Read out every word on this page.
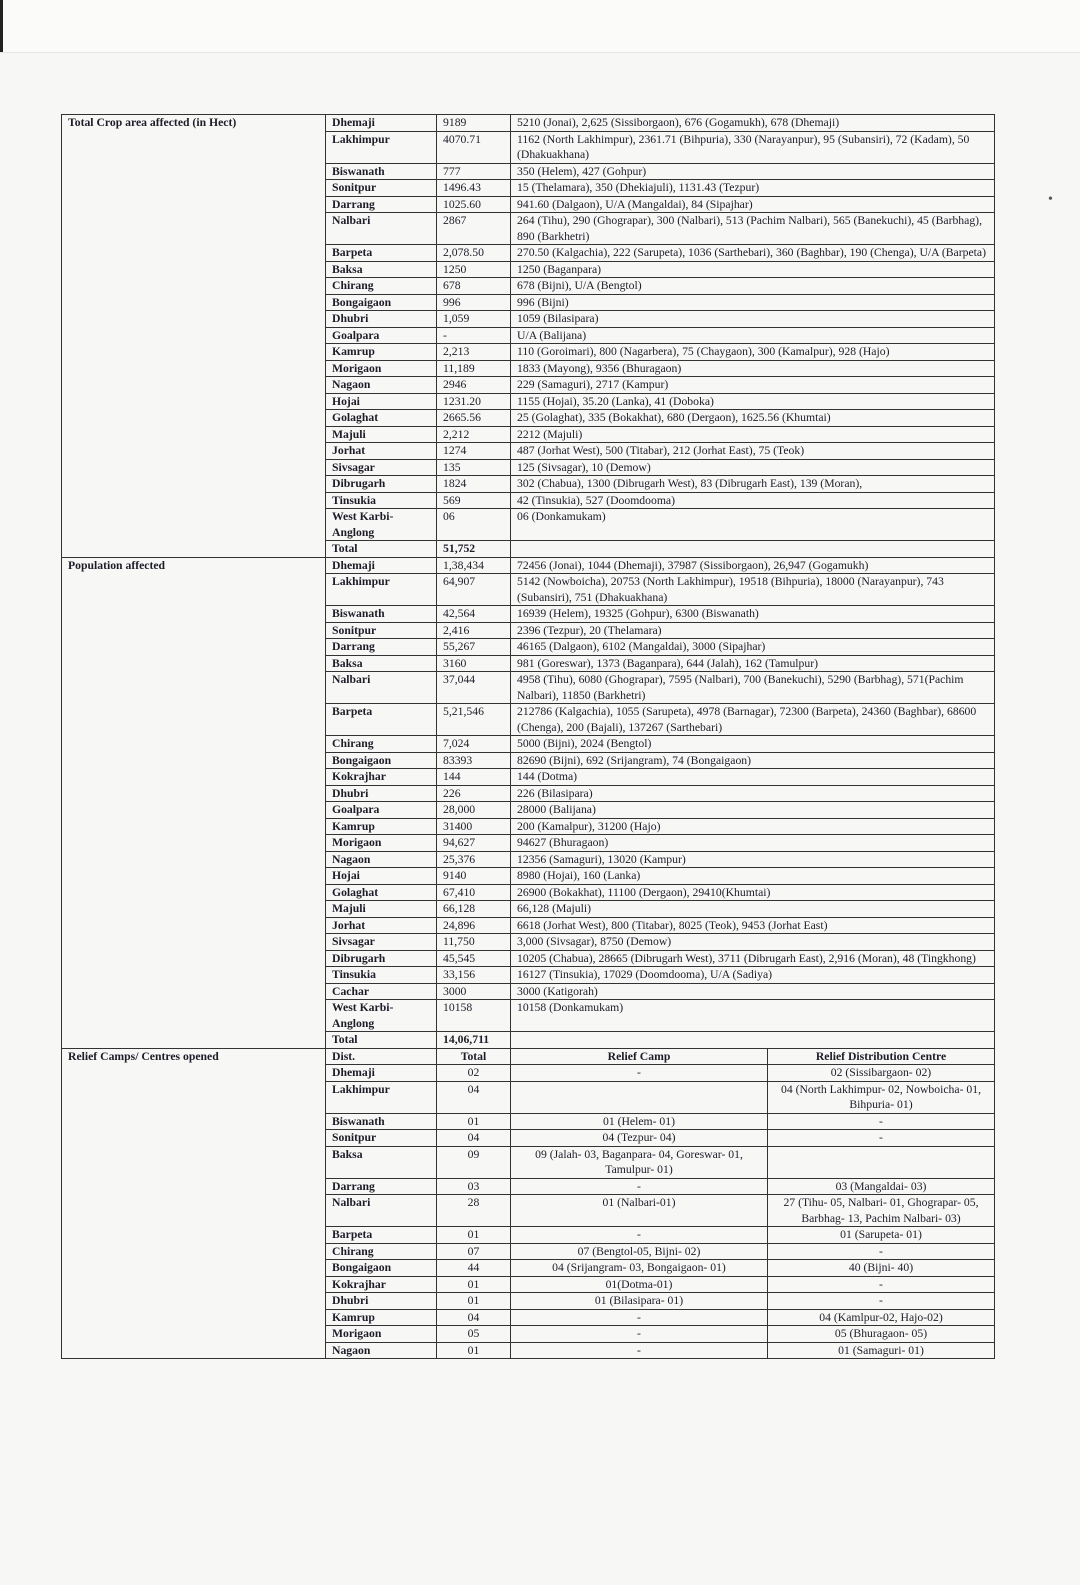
•
Total Crop area affected (in Hect)	Dhemaji	9189	5210 (Jonai), 2,625 (Sissiborgaon), 676 (Gogamukh), 678 (Dhemaji)	
	Lakhimpur	4070.71	1162 (North Lakhimpur), 2361.71 (Bihpuria), 330 (Narayanpur), 95 (Subansiri), 72 (Kadam), 50 (Dhakuakhana)	
	Biswanath	777	350 (Helem), 427 (Gohpur)	
	Sonitpur	1496.43	15 (Thelamara), 350 (Dhekiajuli), 1131.43 (Tezpur)	
	Darrang	1025.60	941.60 (Dalgaon), U/A (Mangaldai), 84 (Sipajhar)	
	Nalbari	2867	264 (Tihu), 290 (Ghograpar), 300 (Nalbari), 513 (Pachim Nalbari), 565 (Banekuchi), 45 (Barbhag), 890 (Barkhetri)	
	Barpeta	2,078.50	270.50 (Kalgachia), 222 (Sarupeta), 1036 (Sarthebari), 360 (Baghbar), 190 (Chenga), U/A (Barpeta)	
	Baksa	1250	1250 (Baganpara)	
	Chirang	678	678 (Bijni), U/A (Bengtol)	
	Bongaigaon	996	996 (Bijni)	
	Dhubri	1,059	1059 (Bilasipara)	
	Goalpara	-	U/A (Balijana)	
	Kamrup	2,213	110 (Goroimari), 800 (Nagarbera), 75 (Chaygaon), 300 (Kamalpur), 928 (Hajo)	
	Morigaon	11,189	1833 (Mayong), 9356 (Bhuragaon)	
	Nagaon	2946	229 (Samaguri), 2717 (Kampur)	
	Hojai	1231.20	1155 (Hojai), 35.20 (Lanka), 41 (Doboka)	
	Golaghat	2665.56	25 (Golaghat), 335 (Bokakhat), 680 (Dergaon), 1625.56 (Khumtai)	
	Majuli	2,212	2212 (Majuli)	
	Jorhat	1274	487 (Jorhat West), 500 (Titabar), 212 (Jorhat East), 75 (Teok)	
	Sivsagar	135	125 (Sivsagar), 10 (Demow)	
	Dibrugarh	1824	302 (Chabua), 1300 (Dibrugarh West), 83 (Dibrugarh East), 139 (Moran),	
	Tinsukia	569	42 (Tinsukia), 527 (Doomdooma)	
	West Karbi-Anglong	06	06 (Donkamukam)	
	Total	51,752		
Population affected	Dhemaji	1,38,434	72456 (Jonai), 1044 (Dhemaji), 37987 (Sissiborgaon), 26,947 (Gogamukh)	
	Lakhimpur	64,907	5142 (Nowboicha), 20753 (North Lakhimpur), 19518 (Bihpuria), 18000 (Narayanpur), 743 (Subansiri), 751 (Dhakuakhana)	
	Biswanath	42,564	16939 (Helem), 19325 (Gohpur), 6300 (Biswanath)	
	Sonitpur	2,416	2396 (Tezpur), 20 (Thelamara)	
	Darrang	55,267	46165 (Dalgaon), 6102 (Mangaldai), 3000 (Sipajhar)	
	Baksa	3160	981 (Goreswar), 1373 (Baganpara), 644 (Jalah), 162 (Tamulpur)	
	Nalbari	37,044	4958 (Tihu), 6080 (Ghograpar), 7595 (Nalbari), 700 (Banekuchi), 5290 (Barbhag), 571(Pachim Nalbari), 11850 (Barkhetri)	
	Barpeta	5,21,546	212786 (Kalgachia), 1055 (Sarupeta), 4978 (Barnagar), 72300 (Barpeta), 24360 (Baghbar), 68600 (Chenga), 200 (Bajali), 137267 (Sarthebari)	
	Chirang	7,024	5000 (Bijni), 2024 (Bengtol)	
	Bongaigaon	83393	82690 (Bijni), 692 (Srijangram), 74 (Bongaigaon)	
	Kokrajhar	144	144 (Dotma)	
	Dhubri	226	226 (Bilasipara)	
	Goalpara	28,000	28000 (Balijana)	
	Kamrup	31400	200 (Kamalpur), 31200 (Hajo)	
	Morigaon	94,627	94627 (Bhuragaon)	
	Nagaon	25,376	12356 (Samaguri), 13020 (Kampur)	
	Hojai	9140	8980 (Hojai), 160 (Lanka)	
	Golaghat	67,410	26900 (Bokakhat), 11100 (Dergaon), 29410(Khumtai)	
	Majuli	66,128	66,128 (Majuli)	
	Jorhat	24,896	6618 (Jorhat West), 800 (Titabar), 8025 (Teok), 9453 (Jorhat East)	
	Sivsagar	11,750	3,000 (Sivsagar), 8750 (Demow)	
	Dibrugarh	45,545	10205 (Chabua), 28665 (Dibrugarh West), 3711 (Dibrugarh East), 2,916 (Moran), 48 (Tingkhong)	
	Tinsukia	33,156	16127 (Tinsukia), 17029 (Doomdooma), U/A (Sadiya)	
	Cachar	3000	3000 (Katigorah)	
	West Karbi-Anglong	10158	10158 (Donkamukam)	
	Total	14,06,711		
Relief Camps/ Centres opened	Dist.	Total	Relief Camp	Relief Distribution Centre
	Dhemaji	02	-	02 (Sissibargaon- 02)
	Lakhimpur	04		04 (North Lakhimpur- 02, Nowboicha- 01, Bihpuria- 01)
	Biswanath	01	01 (Helem- 01)	-
	Sonitpur	04	04 (Tezpur- 04)	-
	Baksa	09	09 (Jalah- 03, Baganpara- 04, Goreswar- 01, Tamulpur- 01)	
	Darrang	03	-	03 (Mangaldai- 03)
	Nalbari	28	01 (Nalbari-01)	27 (Tihu- 05, Nalbari- 01, Ghograpar- 05, Barbhag- 13, Pachim Nalbari- 03)
	Barpeta	01	-	01 (Sarupeta- 01)
	Chirang	07	07 (Bengtol-05, Bijni- 02)	-
	Bongaigaon	44	04 (Srijangram- 03, Bongaigaon- 01)	40 (Bijni- 40)
	Kokrajhar	01	01(Dotma-01)	-
	Dhubri	01	01 (Bilasipara- 01)	-
	Kamrup	04	-	04 (Kamlpur-02, Hajo-02)
	Morigaon	05	-	05 (Bhuragaon- 05)
	Nagaon	01	-	01 (Samaguri- 01)
